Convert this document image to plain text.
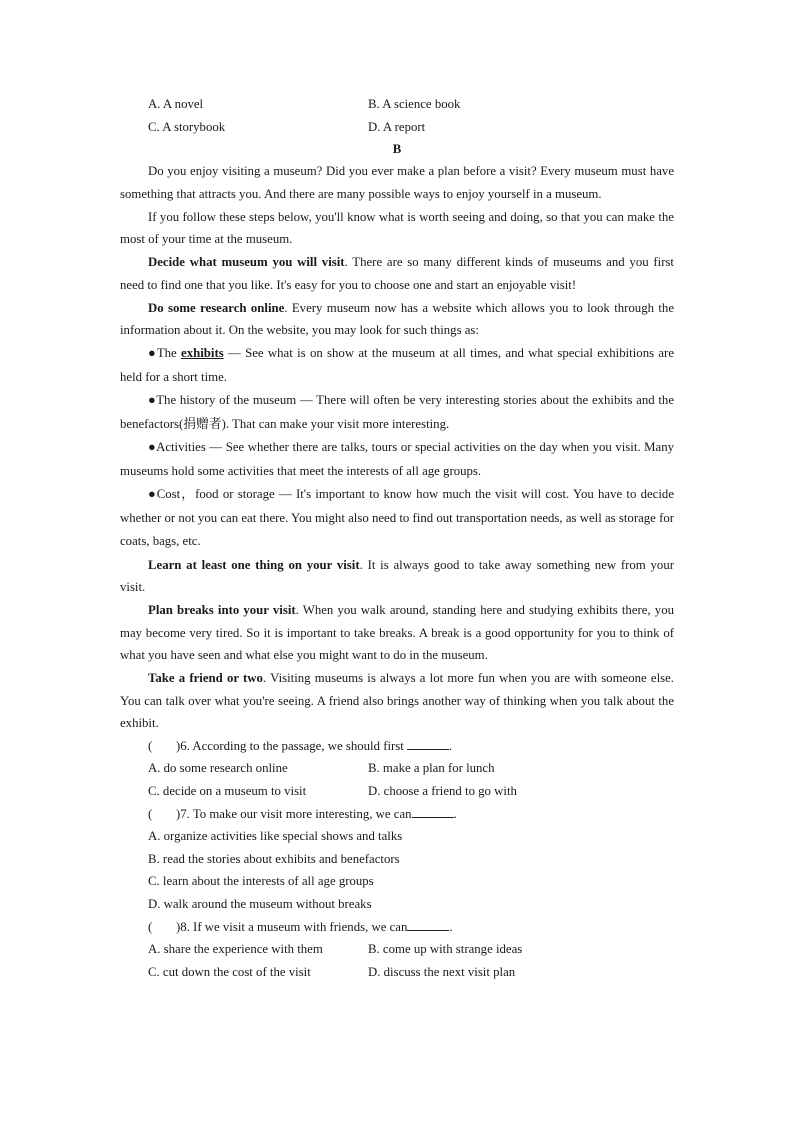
A. A novel	B. A science book
C. A storybook	D. A report
B

Do you enjoy visiting a museum? Did you ever make a plan before a visit? Every museum must have something that attracts you. And there are many possible ways to enjoy yourself in a museum.

If you follow these steps below, you'll know what is worth seeing and doing, so that you can make the most of your time at the museum.

Decide what museum you will visit. There are so many different kinds of museums and you first need to find one that you like. It's easy for you to choose one and start an enjoyable visit!

Do some research online. Every museum now has a website which allows you to look through the information about it. On the website, you may look for such things as:

●The exhibits — See what is on show at the museum at all times, and what special exhibitions are held for a short time.

●The history of the museum — There will often be very interesting stories about the exhibits and the benefactors(捐赠者). That can make your visit more interesting.

●Activities — See whether there are talks, tours or special activities on the day when you visit. Many museums hold some activities that meet the interests of all age groups.

●Cost，food or storage — It's important to know how much the visit will cost. You have to decide whether or not you can eat there. You might also need to find out transportation needs, as well as storage for coats, bags, etc.

Learn at least one thing on your visit. It is always good to take away something new from your visit.

Plan breaks into your visit. When you walk around, standing here and studying exhibits there, you may become very tired. So it is important to take breaks. A break is a good opportunity for you to think of what you have seen and what else you might want to do in the museum.

Take a friend or two. Visiting museums is always a lot more fun when you are with someone else. You can talk over what you're seeing. A friend also brings another way of thinking when you talk about the exhibit.

( )6. According to the passage, we should first	.
A. do some research online	B. make a plan for lunch
C. decide on a museum to visit	D. choose a friend to go with
( )7. To make our visit more interesting, we can	.
A. organize activities like special shows and talks
B. read the stories about exhibits and benefactors
C. learn about the interests of all age groups
D. walk around the museum without breaks
( )8. If we visit a museum with friends, we can	.
A. share the experience with them	B. come up with strange ideas
C. cut down the cost of the visit	D. discuss the next visit plan
